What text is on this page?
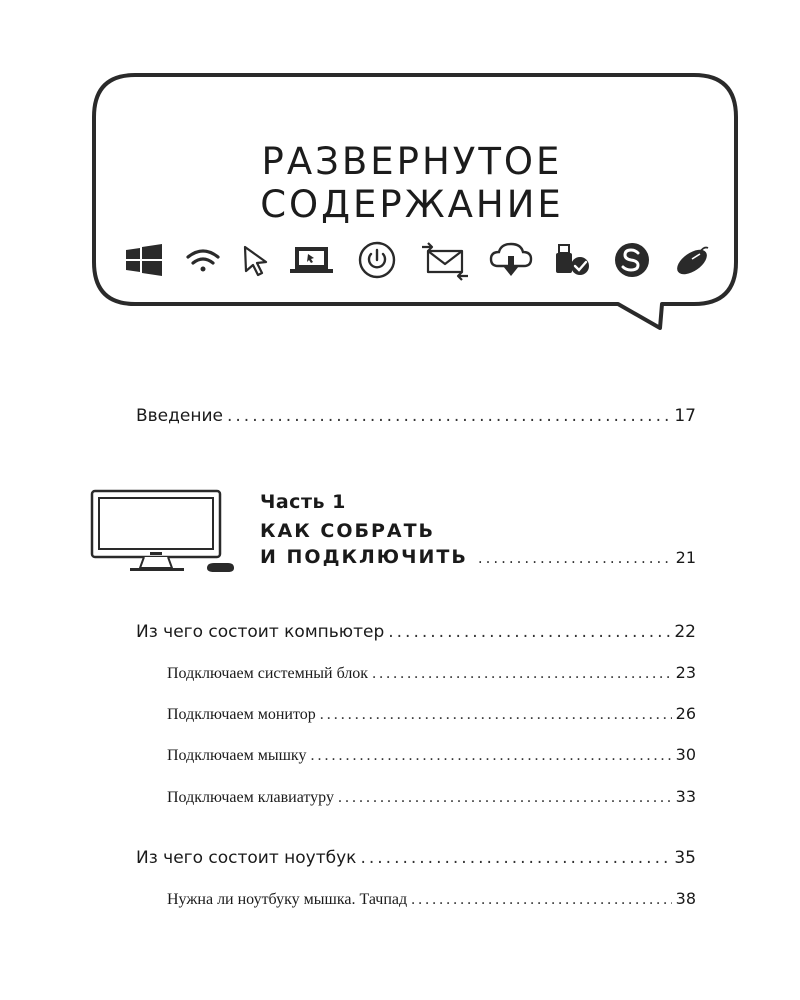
РАЗВЕРНУТОЕ
СОДЕРЖАНИЕ
Введение .....	17
Часть 1
КАК СОБРАТЬ
И ПОДКЛЮЧИТЬ .....	21
Из чего состоит компьютер .....	22
Подключаем системный блок .....	23
Подключаем монитор .....	26
Подключаем мышку .....	30
Подключаем клавиатуру .....	33
Из чего состоит ноутбук .....	35
Нужна ли ноутбуку мышка. Тачпад .....	38
